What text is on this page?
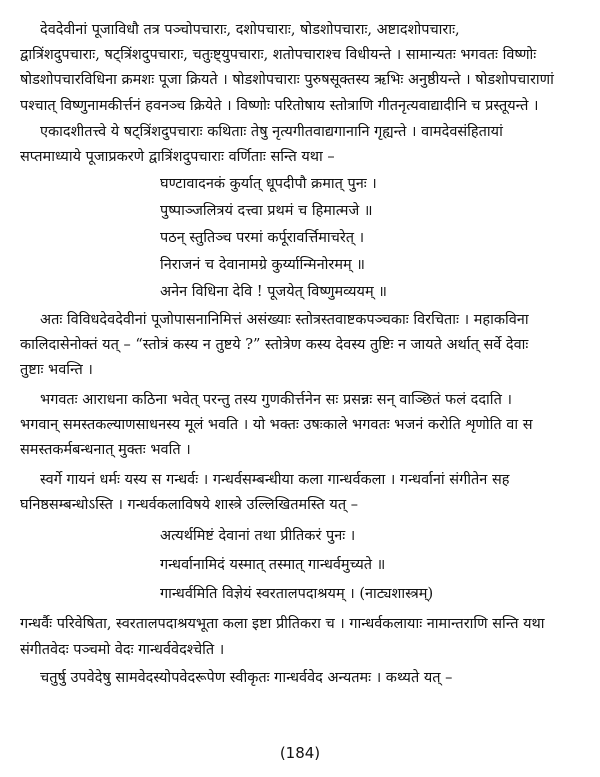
देवदेवीनां पूजाविधौ तत्र पञ्चोपचाराः, दशोपचाराः, षोडशोपचाराः, अष्टादशोपचाराः,
द्वात्रिंशदुपचाराः, षट्त्रिंशदुपचाराः, चतुःष्ट्युपचाराः, शतोपचाराश्च विधीयन्ते । सामान्यतः भगवतः विष्णोः
षोडशोपचारविधिना क्रमशः पूजा क्रियते । षोडशोपचाराः पुरुषसूक्तस्य ऋभिः अनुष्ठीयन्ते । षोडशोपचाराणां
पश्चात् विष्णुनामकीर्त्तनं हवनञ्च क्रियेते । विष्णोः परितोषाय स्तोत्राणि गीतनृत्यवाद्यादीनि च प्रस्तूयन्ते ।
एकादशीतत्त्वे ये षट्त्रिंशदुपचाराः कथिताः तेषु नृत्यगीतवाद्यगानानि गृह्यन्ते । वामदेवसंहितायां
सप्तमाध्याये पूजाप्रकरणे द्वात्रिंशदुपचाराः वर्णिताः सन्ति यथा –
घण्टावादनकं कुर्यात् धूपदीपौ क्रमात् पुनः ।
पुष्पाञ्जलित्रयं दत्त्वा प्रथमं च हिमात्मजे ॥
पठन् स्तुतिञ्च परमां कर्पूरावर्त्तिमाचरेत् ।
निराजनं च देवानामग्रे कुर्य्यान्मिनोरमम् ॥
अनेन विधिना देवि ! पूजयेत् विष्णुमव्ययम् ॥
अतः विविधदेवदेवीनां पूजोपासनानिमित्तं असंख्याः स्तोत्रस्तवाष्टकपञ्चकाः विरचिताः । महाकविना
कालिदासेनोक्तं यत् – “स्तोत्रं कस्य न तुष्टये ?” स्तोत्रेण कस्य देवस्य तुष्टिः न जायते अर्थात् सर्वे देवाः
तुष्टाः भवन्ति ।
भगवतः आराधना कठिना भवेत् परन्तु तस्य गुणकीर्त्तनेन सः प्रसन्नः सन् वाञ्छितं फलं ददाति ।
भगवान् समस्तकल्याणसाधनस्य मूलं भवति । यो भक्तः उषःकाले भगवतः भजनं करोति शृणोति वा स
समस्तकर्मबन्धनात् मुक्तः भवति ।
स्वर्गे गायनं धर्मः यस्य स गन्धर्वः । गन्धर्वसम्बन्धीया कला गान्धर्वकला । गन्धर्वानां संगीतेन सह
घनिष्ठसम्बन्धोऽस्ति । गन्धर्वकलाविषये शास्त्रे उल्लिखितमस्ति यत् –
अत्यर्थमिष्टं देवानां तथा प्रीतिकरं पुनः ।
गन्धर्वानामिदं यस्मात् तस्मात् गान्धर्वमुच्यते ॥
गान्धर्वमिति विज्ञेयं स्वरतालपदाश्रयम् । (नाट्यशास्त्रम्)
गन्धर्वैः परिवेषिता, स्वरतालपदाश्रयभूता कला इष्टा प्रीतिकरा च । गान्धर्वकलायाः नामान्तराणि सन्ति यथा
संगीतवेदः पञ्चमो वेदः गान्धर्ववेदश्चेति ।
चतुर्षु उपवेदेषु सामवेदस्योपवेदरूपेण स्वीकृतः गान्धर्ववेद अन्यतमः । कथ्यते यत् –
(184)
